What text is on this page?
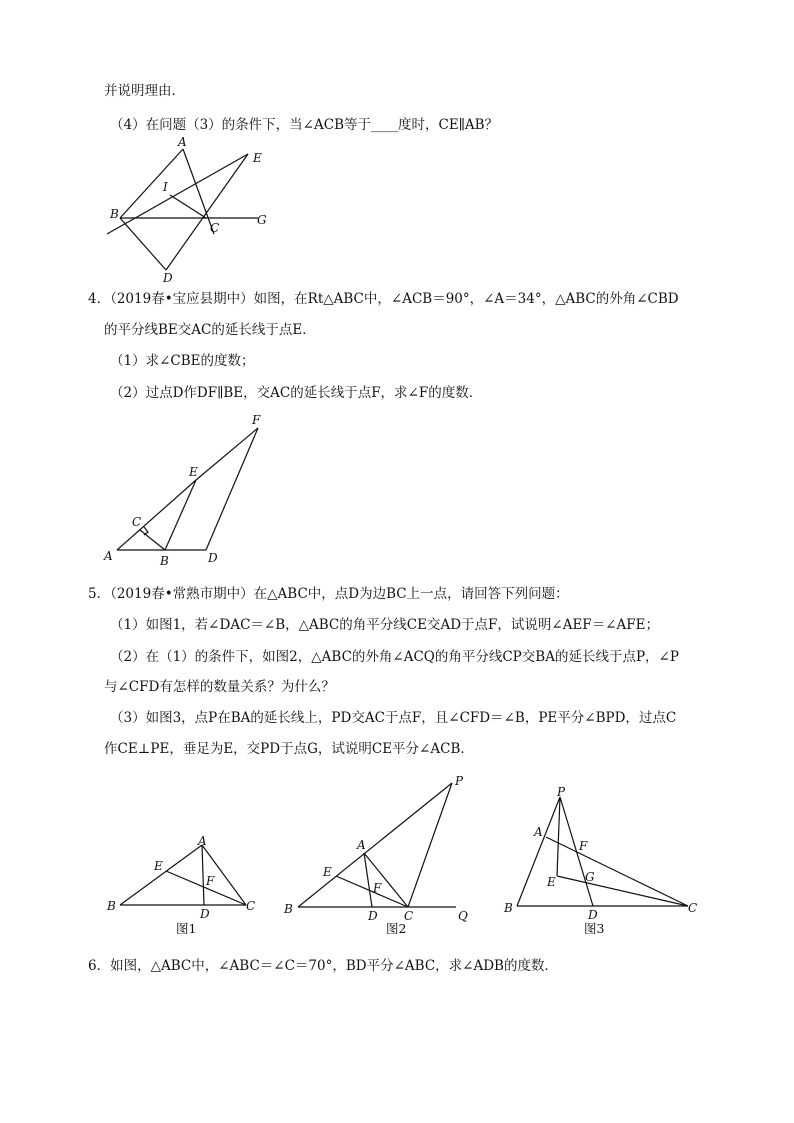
并说明理由．
（4）在问题（3）的条件下，当∠ACB等于____度时，CE∥AB？
A
E
I
B
C
G
D
4．（2019春•宝应县期中）如图，在Rt△ABC中，∠ACB＝90°，∠A＝34°，△ABC的外角∠CBD
的平分线BE交AC的延长线于点E．
（1）求∠CBE的度数；
（2）过点D作DF∥BE，交AC的延长线于点F，求∠F的度数．
F
E
C
A	B	D
5．（2019春•常熟市期中）在△ABC中，点D为边BC上一点，请回答下列问题：
（1）如图1，若∠DAC＝∠B，△ABC的角平分线CE交AD于点F，试说明∠AEF＝∠AFE；
（2）在（1）的条件下，如图2，△ABC的外角∠ACQ的角平分线CP交BA的延长线于点P，∠P
与∠CFD有怎样的数量关系？为什么？
（3）如图3，点P在BA的延长线上，PD交AC于点F，且∠CFD＝∠B，PE平分∠BPD，过点C
作CE⊥PE，垂足为E，交PD于点G，试说明CE平分∠ACB．
A
E
F
B
D
C
图1
P
A
E
F
B	D C	Q
图2
P
A
F
E G
B	D	C
图3
6．如图，△ABC中，∠ABC＝∠C＝70°，BD平分∠ABC，求∠ADB的度数．
